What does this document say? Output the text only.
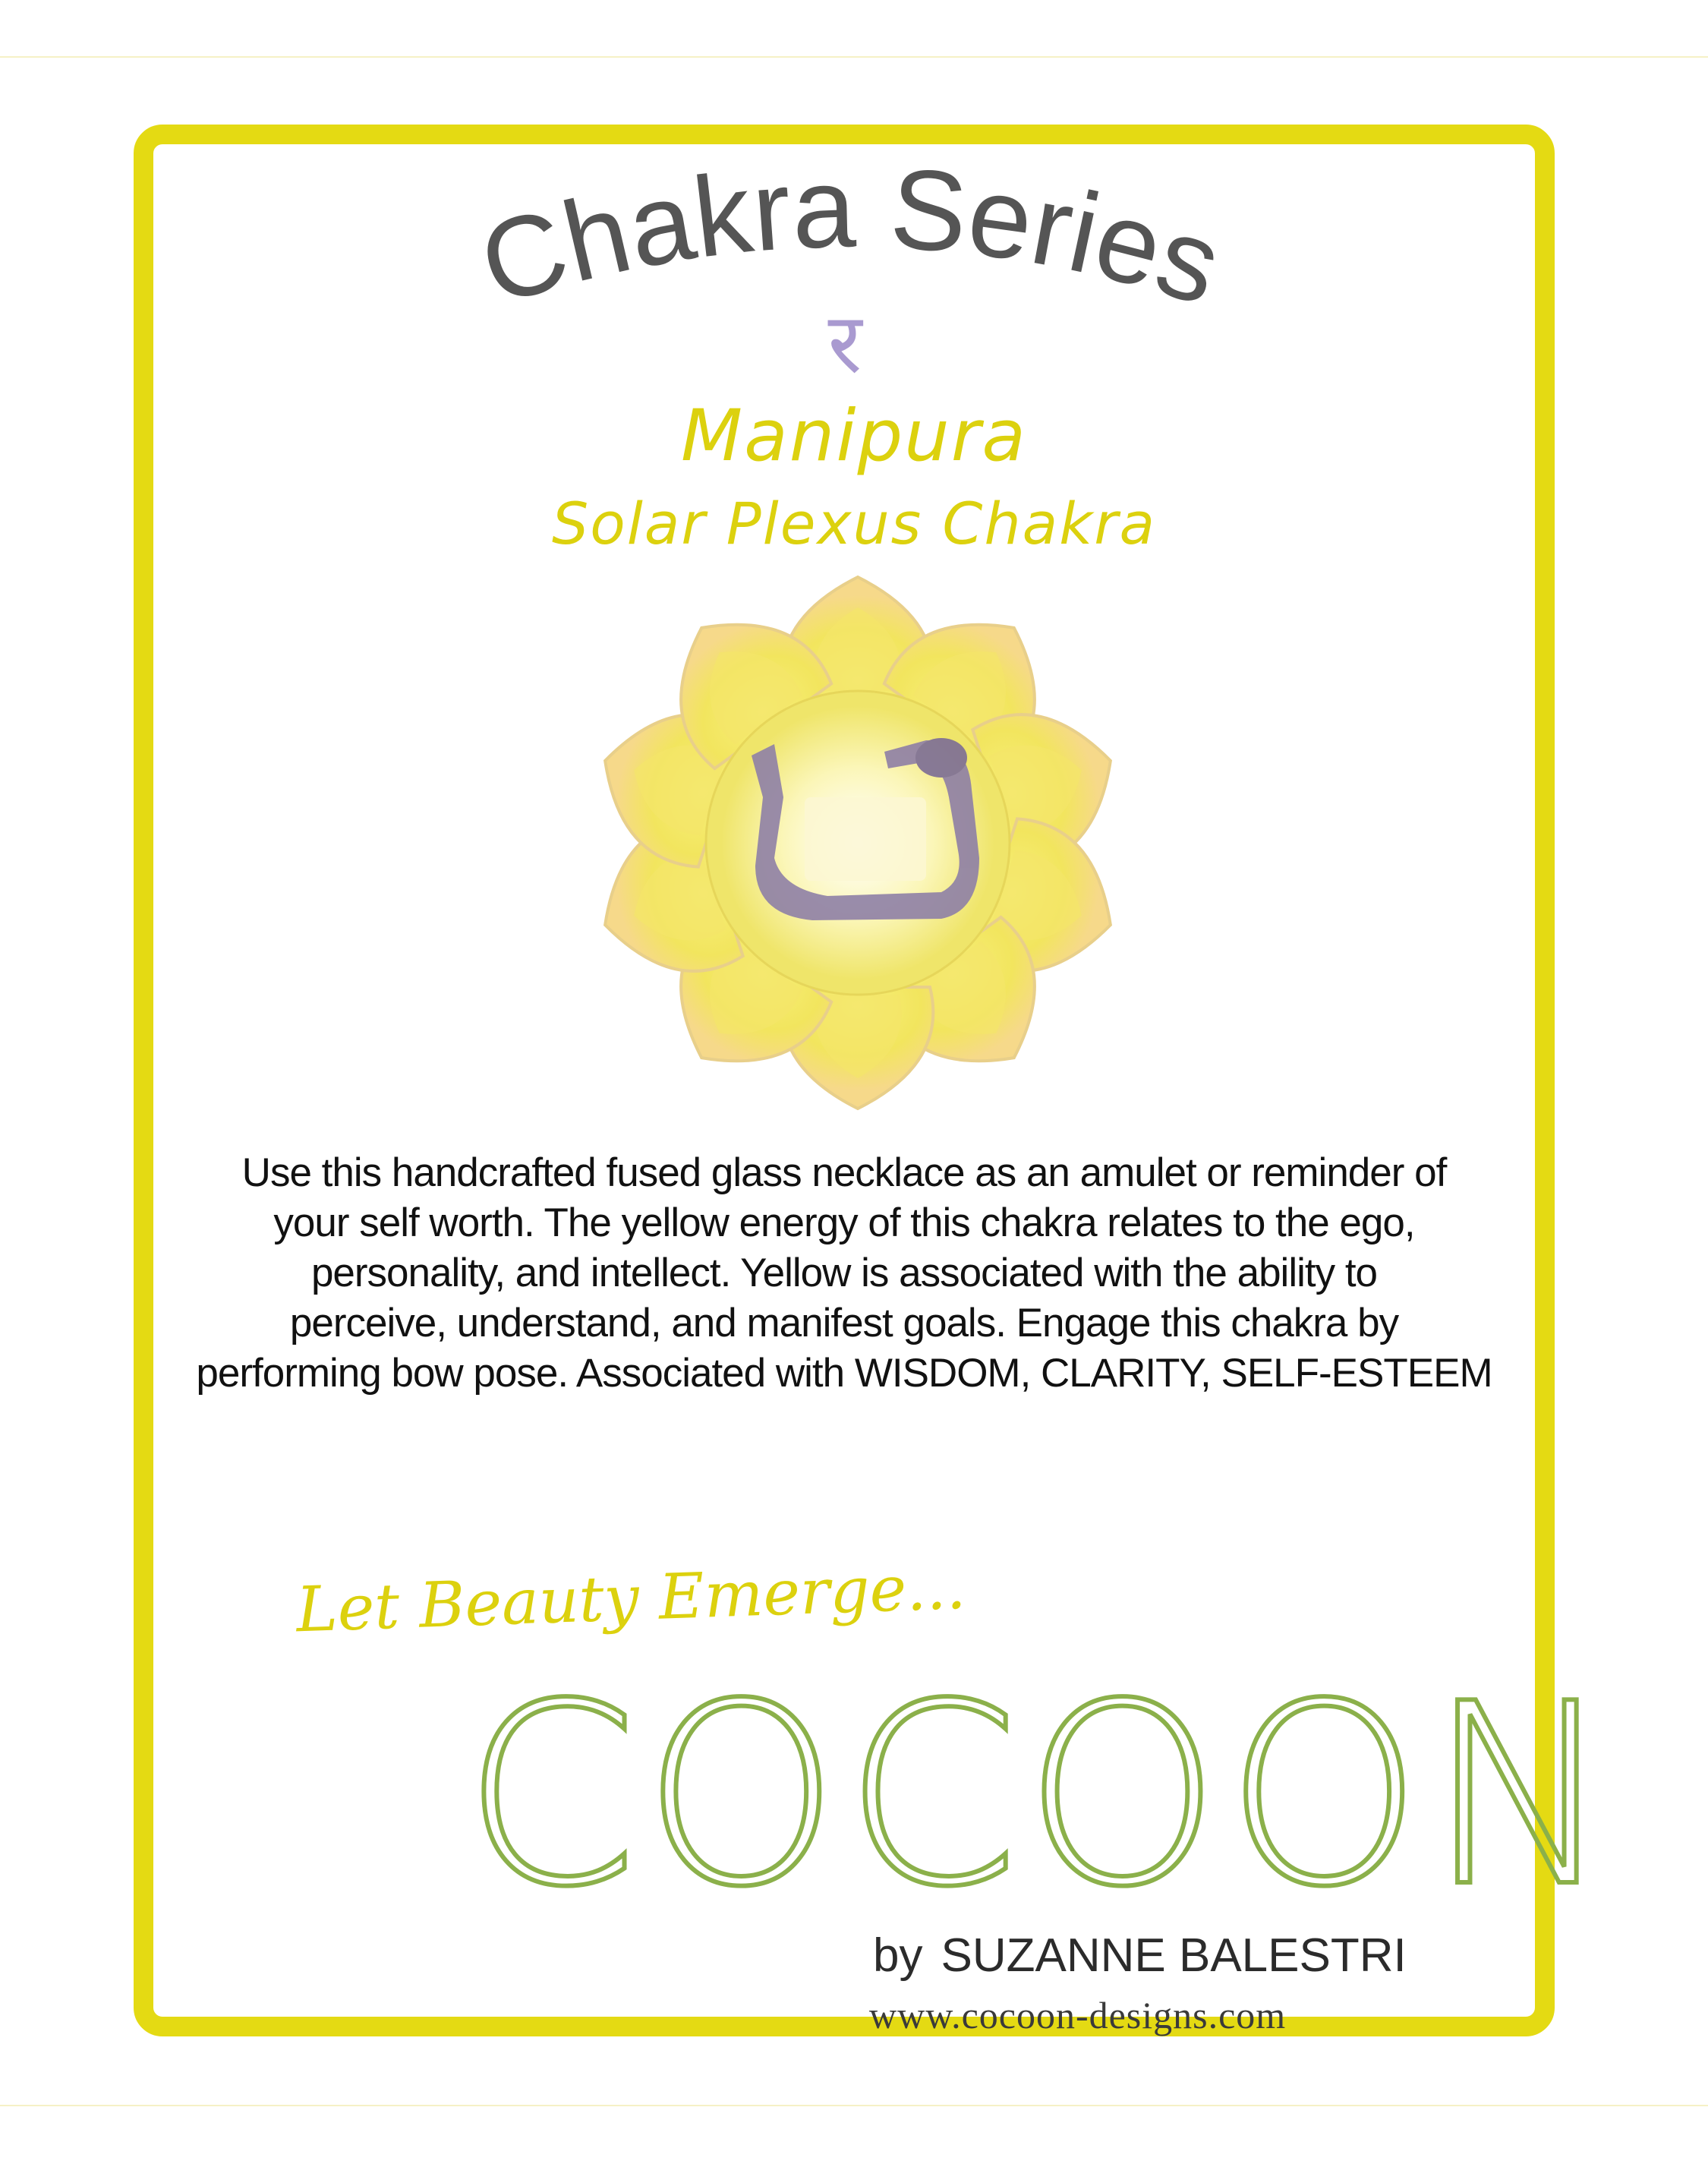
Chakra Series
र
Manipura
Solar Plexus Chakra

Use this handcrafted fused glass necklace as an amulet or reminder of

your self worth. The yellow energy of this chakra relates to the ego,

personality, and intellect. Yellow is associated with the ability to

perceive, understand, and manifest goals. Engage this chakra by

performing bow pose. Associated with WISDOM, CLARITY, SELF-ESTEEM

Let Beauty Emerge...
COCOON
by SUZANNE BALESTRI
www.cocoon-designs.com
